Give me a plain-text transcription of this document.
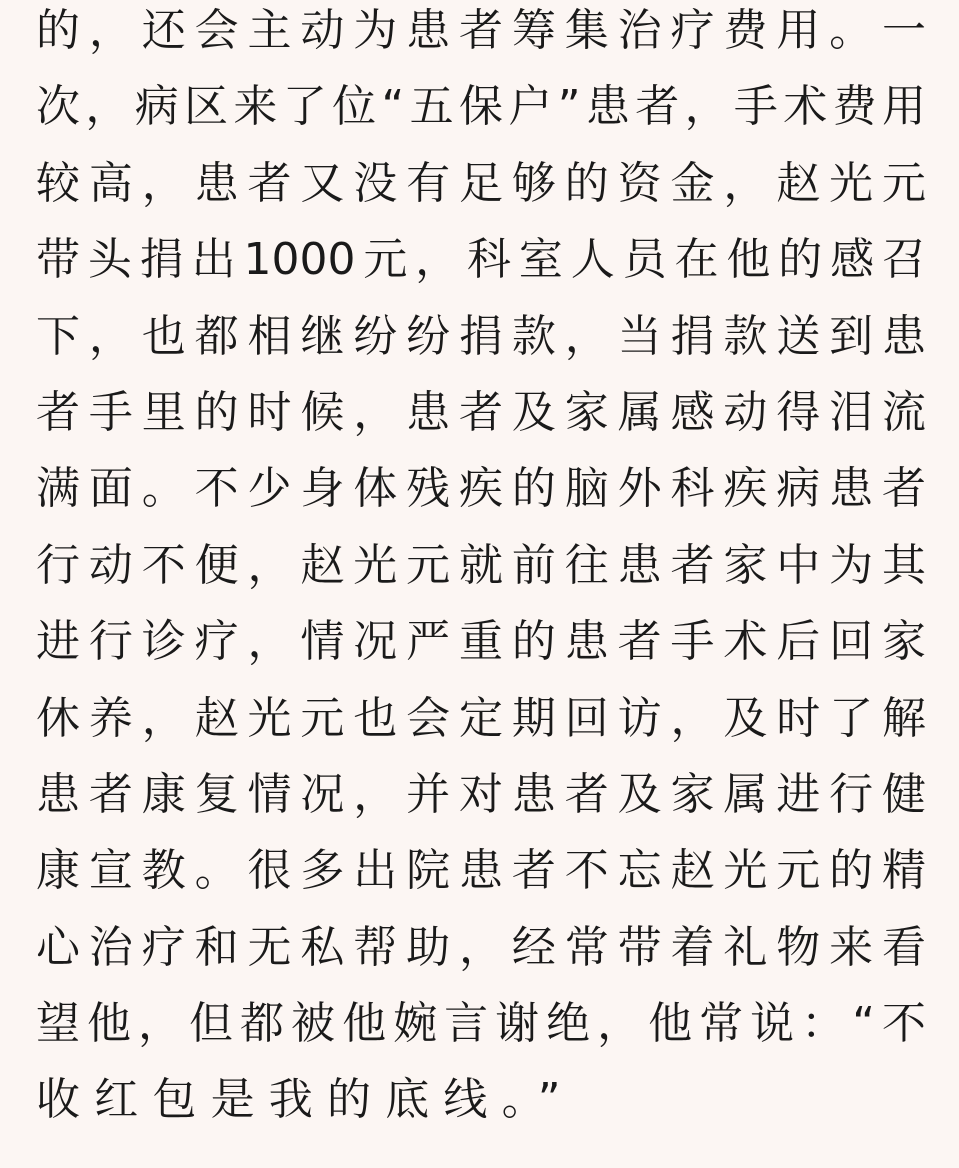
的，还会主动为患者筹集治疗费用。一
次，病区来了位“五保户”患者，手术费用
较高，患者又没有足够的资金，赵光元
带头捐出1000元，科室人员在他的感召
下，也都相继纷纷捐款，当捐款送到患
者手里的时候，患者及家属感动得泪流
满面。不少身体残疾的脑外科疾病患者
行动不便，赵光元就前往患者家中为其
进行诊疗，情况严重的患者手术后回家
休养，赵光元也会定期回访，及时了解
患者康复情况，并对患者及家属进行健
康宣教。很多出院患者不忘赵光元的精
心治疗和无私帮助，经常带着礼物来看
望他，但都被他婉言谢绝，他常说：“不
收红包是我的底线。”
